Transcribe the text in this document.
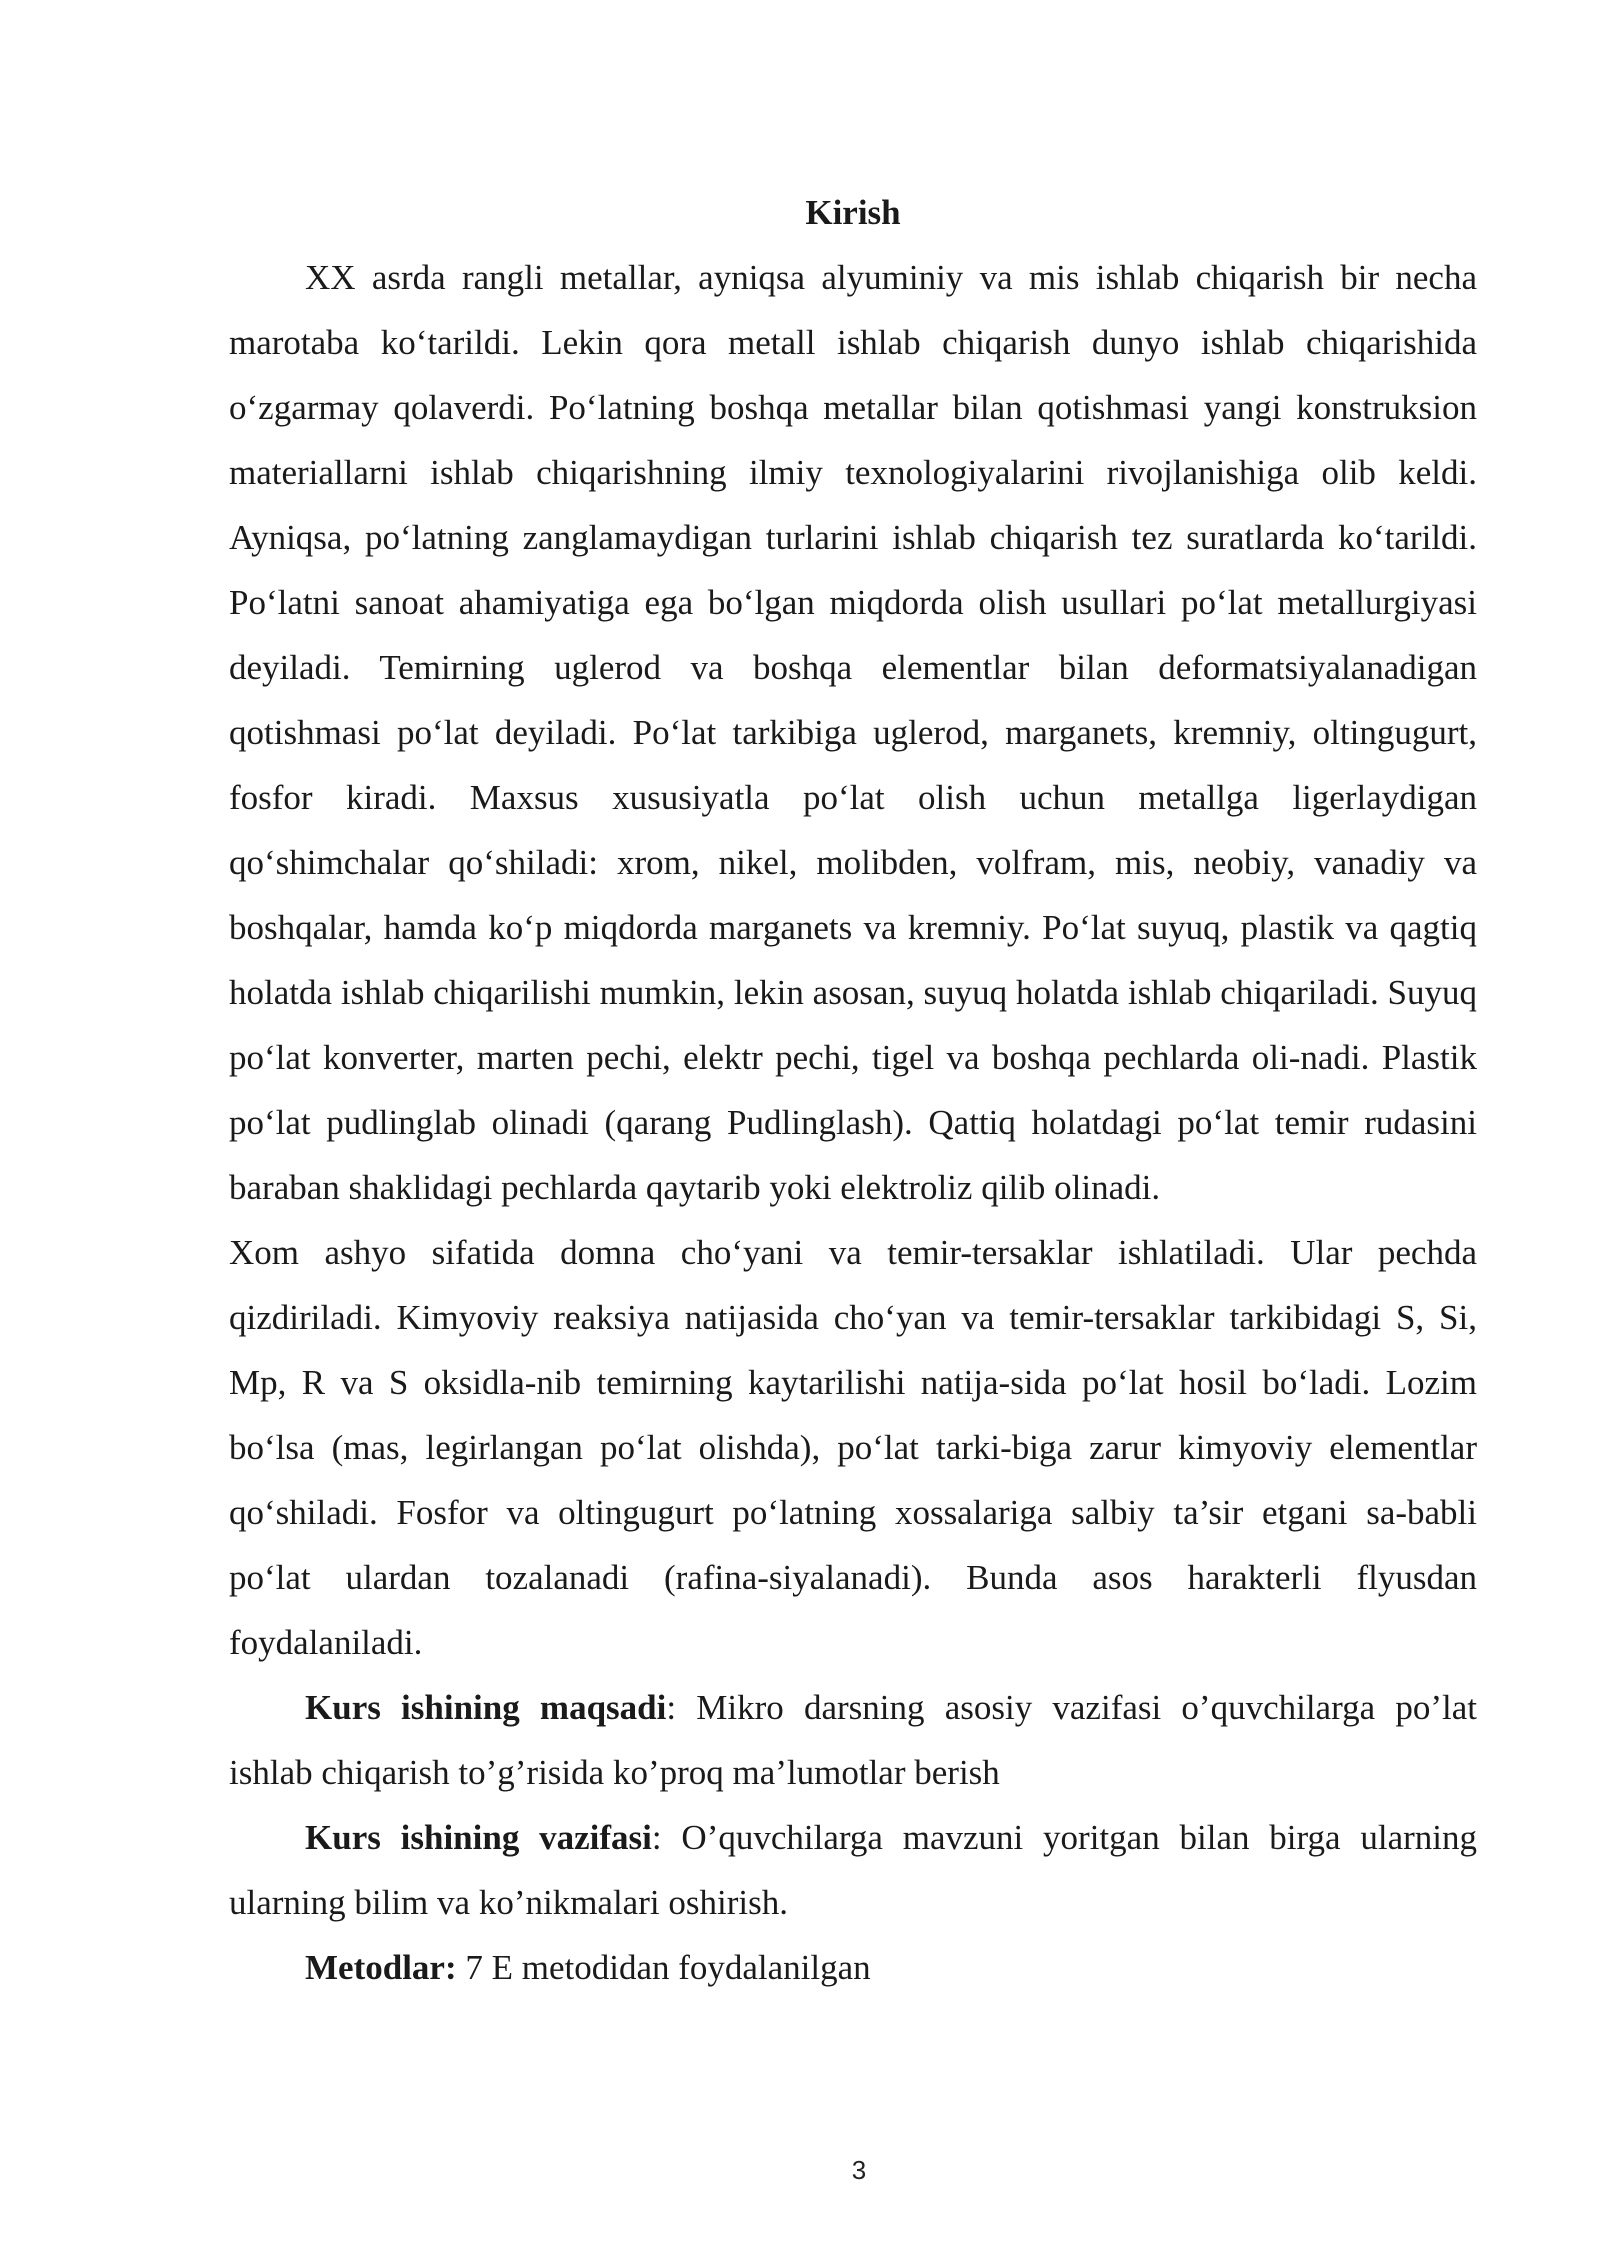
Kirish

XX asrda rangli metallar, ayniqsa alyuminiy va mis ishlab chiqarish bir necha marotaba ko‘tarildi. Lekin qora metall ishlab chiqarish dunyo ishlab chiqarishida o‘zgarmay qolaverdi. Po‘latning boshqa metallar bilan qotishmasi yangi konstruksion materiallarni ishlab chiqarishning ilmiy texnologiyalarini rivojlanishiga olib keldi. Ayniqsa, po‘latning zanglamaydigan turlarini ishlab chiqarish tez suratlarda ko‘tarildi. Po‘latni sanoat ahamiyatiga ega bo‘lgan miqdorda olish usullari po‘lat metallurgiyasi deyiladi. Temirning uglerod va boshqa elementlar bilan deformatsiyalanadigan qotishmasi po‘lat deyiladi. Po‘lat tarkibiga uglerod, marganets, kremniy, oltingugurt, fosfor kiradi. Maxsus xususiyatla po‘lat olish uchun metallga ligerlaydigan qo‘shimchalar qo‘shiladi: xrom, nikel, molibden, volfram, mis, neobiy, vanadiy va boshqalar, hamda ko‘p miqdorda marganets va kremniy. Po‘lat suyuq, plastik va qagtiq holatda ishlab chiqarilishi mumkin, lekin asosan, suyuq holatda ishlab chiqariladi. Suyuq po‘lat konverter, marten pechi, elektr pechi, tigel va boshqa pechlarda oli-nadi. Plastik po‘lat pudlinglab olinadi (qarang Pudlinglash). Qattiq holatdagi po‘lat temir rudasini baraban shaklidagi pechlarda qaytarib yoki elektroliz qilib olinadi.

Xom ashyo sifatida domna cho‘yani va temir-tersaklar ishlatiladi. Ular pechda qizdiriladi. Kimyoviy reaksiya natijasida cho‘yan va temir-tersaklar tarkibidagi S, Si, Mp, R va S oksidla-nib temirning kaytarilishi natija-sida po‘lat hosil bo‘ladi. Lozim bo‘lsa (mas, legirlangan po‘lat olishda), po‘lat tarki-biga zarur kimyoviy elementlar qo‘shiladi. Fosfor va oltingugurt po‘latning xossalariga salbiy ta’sir etgani sa-babli po‘lat ulardan tozalanadi (rafina-siyalanadi). Bunda asos harakterli flyusdan foydalaniladi.

Kurs ishining maqsadi: Mikro darsning asosiy vazifasi o’quvchilarga po’lat ishlab chiqarish to’g’risida ko’proq ma’lumotlar berish

Kurs ishining vazifasi: O’quvchilarga mavzuni yoritgan bilan birga ularning ularning bilim va ko’nikmalari oshirish.

Metodlar: 7 E metodidan foydalanilgan

3
